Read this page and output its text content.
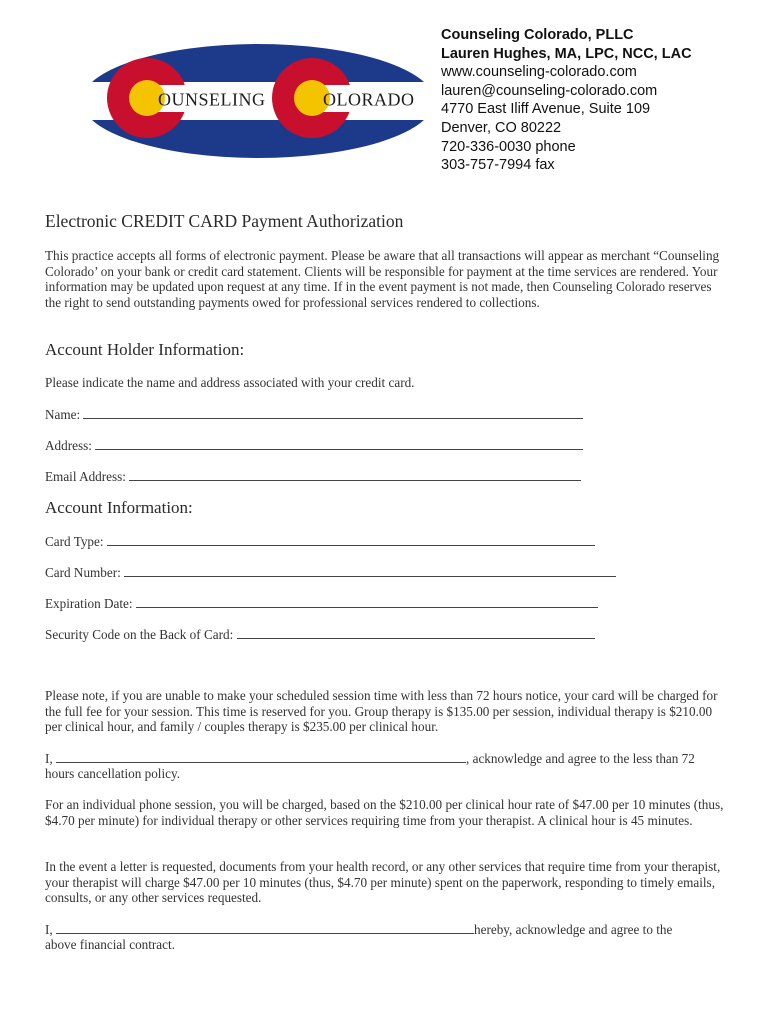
OUNSELING	OLORADO
Counseling Colorado, PLLC
Lauren Hughes, MA, LPC, NCC, LAC
www.counseling-colorado.com
lauren@counseling-colorado.com
4770 East Iliff Avenue, Suite 109
Denver, CO 80222
720-336-0030 phone
303-757-7994 fax
Electronic CREDIT CARD Payment Authorization
This practice accepts all forms of electronic payment. Please be aware that all transactions will appear as merchant “Counseling Colorado’ on your bank or credit card statement. Clients will be responsible for payment at the time services are rendered. Your information may be updated upon request at any time. If in the event payment is not made, then Counseling Colorado reserves the right to send outstanding payments owed for professional services rendered to collections.
Account Holder Information:
Please indicate the name and address associated with your credit card.
Name:
Address:
Email Address:
Account Information:
Card Type:
Card Number:
Expiration Date:
Security Code on the Back of Card:
Please note, if you are unable to make your scheduled session time with less than 72 hours notice, your card will be charged for the full fee for your session. This time is reserved for you. Group therapy is $135.00 per session, individual therapy is $210.00 per clinical hour, and family / couples therapy is $235.00 per clinical hour.
I,	, acknowledge and agree to the less than 72
hours cancellation policy.
For an individual phone session, you will be charged, based on the $210.00 per clinical hour rate of $47.00 per 10 minutes (thus, $4.70 per minute) for individual therapy or other services requiring time from your therapist. A clinical hour is 45 minutes.
In the event a letter is requested, documents from your health record, or any other services that require time from your therapist, your therapist will charge $47.00 per 10 minutes (thus, $4.70 per minute) spent on the paperwork, responding to timely emails, consults, or any other services requested.
I,	hereby, acknowledge and agree to the
above financial contract.
